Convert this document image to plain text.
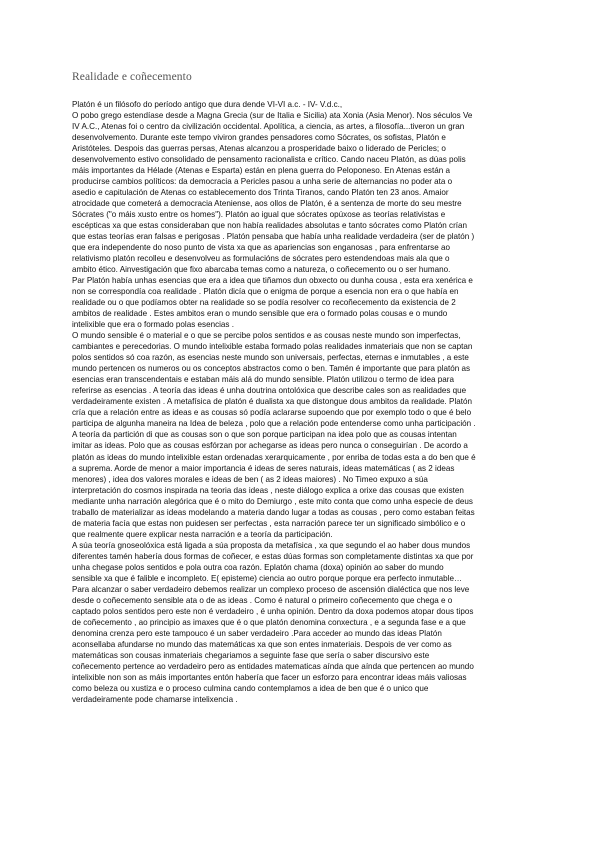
Realidade e coñecemento

Platón é un filósofo do período antigo que dura dende VI-VI a.c. - IV- V.d.c.,

O pobo grego estendíase desde a Magna Grecia (sur de Italia e Sicilia) ata Xonia (Asia Menor). Nos séculos Ve

IV A.C., Atenas foi o centro da civilización occidental. Apolítica, a ciencia, as artes, a filosofía...tiveron un gran

desenvolvemento. Durante este tempo viviron grandes pensadores como Sócrates, os sofistas, Platón e

Aristóteles. Despois das guerras persas, Atenas alcanzou a prosperidade baixo o liderado de Pericles; o

desenvolvemento estivo consolidado de pensamento racionalista e crítico. Cando naceu Platón, as dúas polis

máis importantes da Hélade (Atenas e Esparta) están en plena guerra do Peloponeso. En Atenas están a

producirse cambios políticos: da democracia a Pericles pasou a unha serie de alternancias no poder ata o

asedio e capitulación de Atenas co establecemento dos Trinta Tiranos, cando Platón ten 23 anos. Amaior

atrocidade que cometerá a democracia Ateniense, aos ollos de Platón, é a sentenza de morte do seu mestre

Sócrates ("o máis xusto entre os homes"). Platón ao igual que sócrates opúxose as teorías relativistas e

escépticas xa que estas consideraban que non había realidades absolutas e tanto sócrates como Platón crían

que estas teorías eran falsas e perigosas . Platón pensaba que había unha realidade verdadeira (ser de platón )

que era independente do noso punto de vista xa que as apariencias son enganosas , para enfrentarse ao

relativismo platón recolleu e desenvolveu as formulacións de sócrates pero estendendoas mais ala que o

ambito ético. Ainvestigación que fixo abarcaba temas como a natureza, o coñecemento ou o ser humano.

Par Platón había unhas esencias que era a idea que tiñamos dun obxecto ou dunha cousa , esta era xenérica e

non se correspondía coa realidade . Platón dicía que o enigma de porque a esencia non era o que había en

realidade ou o que podíamos obter na realidade so se podía resolver co recoñecemento da existencia de 2

ambitos de realidade . Estes ambitos eran o mundo sensible que era o formado polas cousas e o mundo

intelixible que era o formado polas esencias .

O mundo sensible é o material e o que se percibe polos sentidos e as cousas neste mundo son imperfectas,

cambiantes e perecedorias. O mundo intelixible estaba formado polas realidades inmateriais que non se captan

polos sentidos só coa razón, as esencias neste mundo son universais, perfectas, eternas e inmutables , a este

mundo pertencen os numeros ou os conceptos abstractos como o ben. Tamén é importante que para platón as

esencias eran transcendentais e estaban máis alá do mundo sensible. Platón utilizou o termo de idea para

referirse as esencias . A teoría das ideas é unha doutrina ontolóxica que describe cales son as realidades que

verdadeiramente existen . A metafísica de platón é dualista xa que distongue dous ambitos da realidade. Platón

cría que a relación entre as ideas e as cousas só podía aclararse supoendo que por exemplo todo o que é belo

participa de algunha maneira na Idea de beleza , polo que a relación pode entenderse como unha participación .

A teoría da partición di que as cousas son o que son porque participan na idea polo que as cousas intentan

imitar as ideas. Polo que as cousas esfórzan por achegarse as ideas pero nunca o conseguirían . De acordo a

platón as ideas do mundo intelixible estan ordenadas xerarquicamente , por enriba de todas esta a do ben que é

a suprema. Aorde de menor a maior importancia é ideas de seres naturais, ideas matemáticas ( as 2 ideas

menores) , idea dos valores morales e ideas de ben ( as 2 ideas maiores) . No Timeo expuxo a súa

interpretación do cosmos inspirada na teoria das ideas , neste diálogo explica a orixe das cousas que existen

mediante unha narración alegórica que é o mito do Demiurgo , este mito conta que como unha especie de deus

traballo de materializar as ideas modelando a materia dando lugar a todas as cousas , pero como estaban feitas

de materia facía que estas non puidesen ser perfectas , esta narración parece ter un significado simbólico e o

que realmente quere explicar nesta narración e a teoría da participación.

A súa teoría gnoseolóxica está ligada a súa proposta da metafísica , xa que segundo el ao haber dous mundos

diferentes tamén habería dous formas de coñecer, e estas dúas formas son completamente distintas xa que por

unha chegase polos sentidos e pola outra coa razón. Eplatón chama (doxa) opinión ao saber do mundo

sensible xa que é falible e incompleto. E( episteme) ciencia ao outro porque porque era perfecto inmutable…

Para alcanzar o saber verdadeiro debemos realizar un complexo proceso de ascensión dialéctica que nos leve

desde o coñecemento sensible ata o de as ideas . Como é natural o primeiro coñecemento que chega e o

captado polos sentidos pero este non é verdadeiro , é unha opinión. Dentro da doxa podemos atopar dous tipos

de coñecemento , ao principio as imaxes que é o que platón denomina conxectura , e a segunda fase e a que

denomina crenza pero este tampouco é un saber verdadeiro .Para acceder ao mundo das ideas Platón

aconsellaba afundarse no mundo das matemáticas xa que son entes inmateriais. Despois de ver como as

matemáticas son cousas inmateriais chegariamos a seguinte fase que sería o saber discursivo este

coñecemento pertence ao verdadeiro pero as entidades matematicas aínda que aínda que pertencen ao mundo

intelixible non son as máis importantes entón habería que facer un esforzo para encontrar ideas máis valiosas

como beleza ou xustiza e o proceso culmina cando contemplamos a idea de ben que é o unico que

verdadeiramente pode chamarse intelixencia .
